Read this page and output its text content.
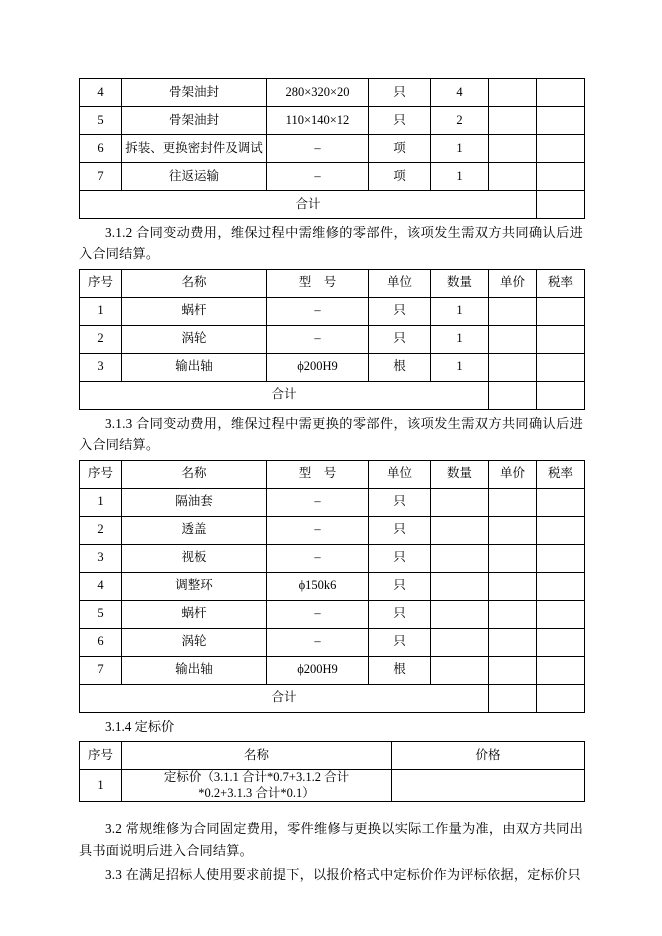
4	骨架油封	280×320×20	只	4		
5	骨架油封	110×140×12	只	2		
6	拆装、更换密封件及调试	–	项	1		
7	往返运输	–	项	1		
合计						

3.1.2 合同变动费用，维保过程中需维修的零部件，该项发生需双方共同确认后进入合同结算。

序号	名称	型　号	单位	数量	单价	税率
1	蜗杆	–	只	1		
2	涡轮	–	只	1		
3	输出轴	ϕ200H9	根	1		
合计						

3.1.3 合同变动费用，维保过程中需更换的零部件，该项发生需双方共同确认后进入合同结算。

序号	名称	型　号	单位	数量	单价	税率
1	隔油套	–	只			
2	透盖	–	只			
3	视板	–	只			
4	调整环	ϕ150k6	只			
5	蜗杆	–	只			
6	涡轮	–	只			
7	输出轴	ϕ200H9	根			
合计						
3.1.4 定标价
序号	名称	价格
1	定标价（3.1.1 合计*0.7+3.1.2 合计
*0.2+3.1.3 合计*0.1）	

3.2 常规维修为合同固定费用，零件维修与更换以实际工作量为准，由双方共同出具书面说明后进入合同结算。

3.3 在满足招标人使用要求前提下，以报价格式中定标价作为评标依据，定标价只
